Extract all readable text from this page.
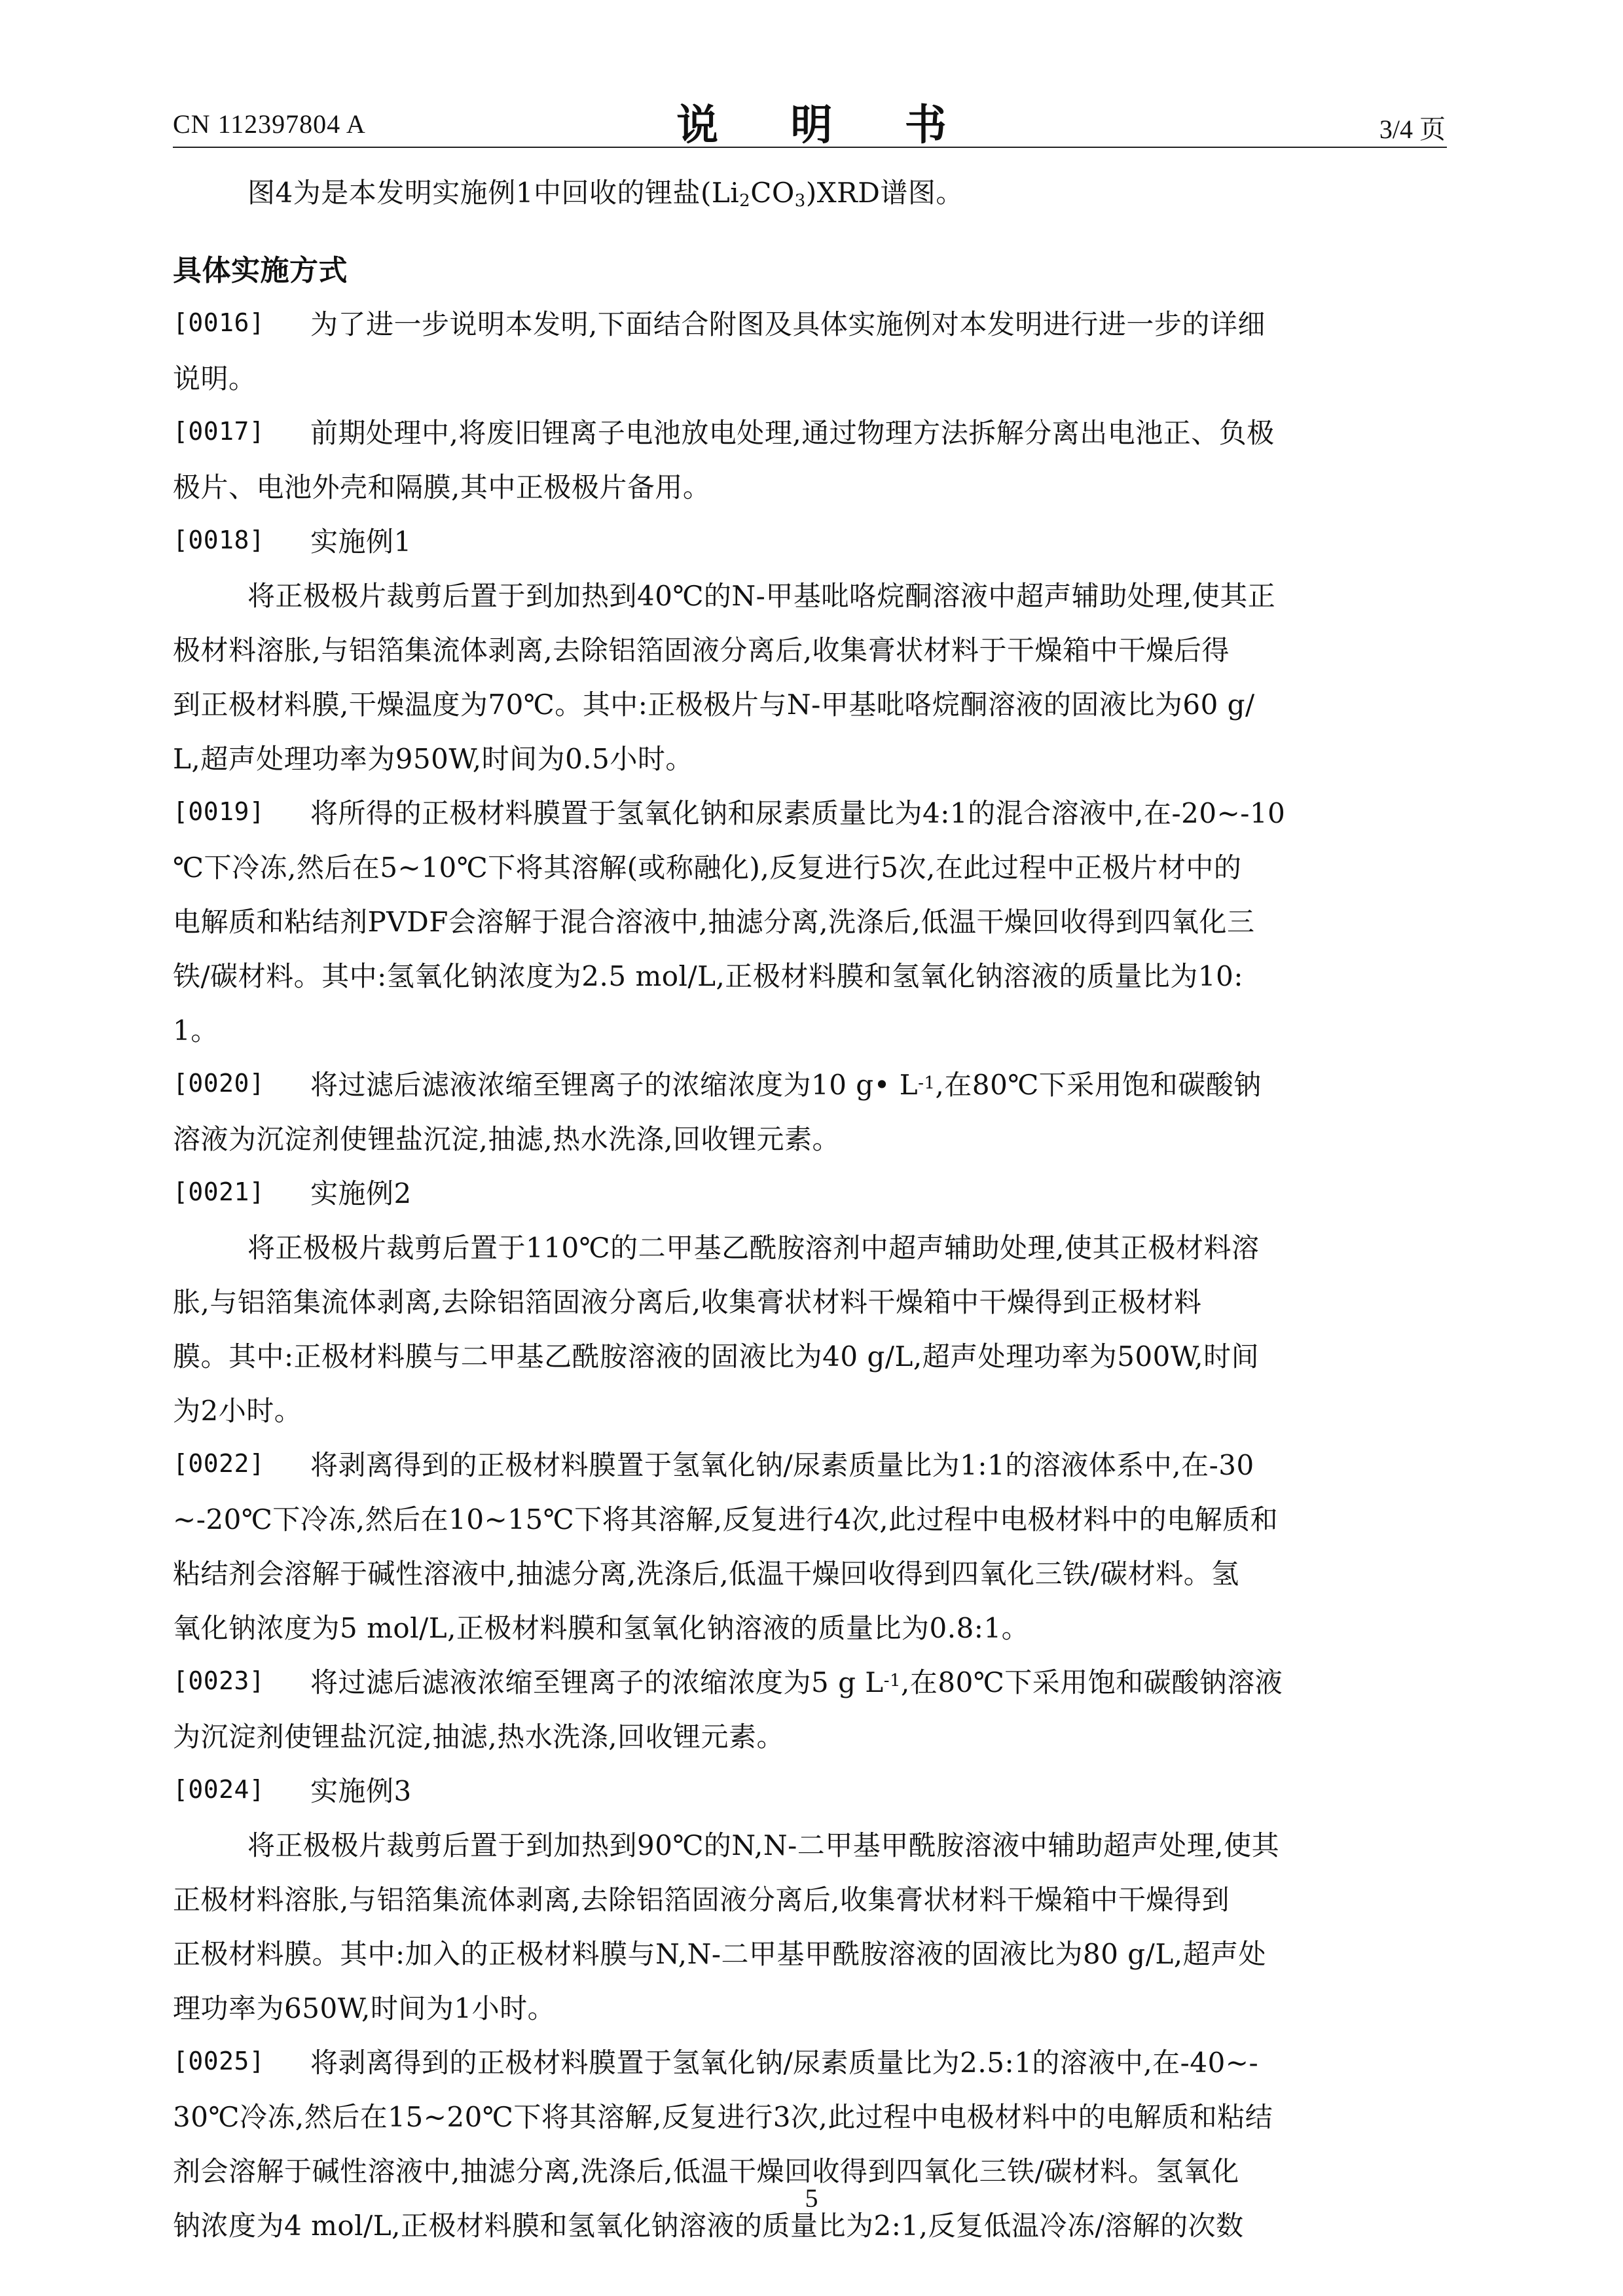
CN 112397804 A	说 明 书	3/4 页
图4为是本发明实施例1中回收的锂盐$(Li_2CO_3)XRD$谱图。
具体实施方式
[0016]	为了进一步说明本发明,下面结合附图及具体实施例对本发明进行进一步的详细
说明。
[0017]	前期处理中,将废旧锂离子电池放电处理,通过物理方法拆解分离出电池正、负极
极片、电池外壳和隔膜,其中正极极片备用。
[0018]	实施例1
将正极极片裁剪后置于到加热到40℃的N-甲基吡咯烷酮溶液中超声辅助处理,使其正
极材料溶胀,与铝箔集流体剥离,去除铝箔固液分离后,收集膏状材料于干燥箱中干燥后得
到正极材料膜,干燥温度为70℃。其中:正极极片与N-甲基吡咯烷酮溶液的固液比为60 g/
L,超声处理功率为950W,时间为0.5小时。
[0019]	将所得的正极材料膜置于氢氧化钠和尿素质量比为4:1的混合溶液中,在-20~-10
℃下冷冻,然后在5~10℃下将其溶解(或称融化),反复进行5次,在此过程中正极片材中的
电解质和粘结剂PVDF会溶解于混合溶液中,抽滤分离,洗涤后,低温干燥回收得到四氧化三
铁/碳材料。其中:氢氧化钠浓度为2.5 mol/L,正极材料膜和氢氧化钠溶液的质量比为10:
1。
[0020]	将过滤后滤液浓缩至锂离子的浓缩浓度为10 g• L -1 ,在80℃下采用饱和碳酸钠
溶液为沉淀剂使锂盐沉淀,抽滤,热水洗涤,回收锂元素。
[0021]	实施例2
将正极极片裁剪后置于110℃的二甲基乙酰胺溶剂中超声辅助处理,使其正极材料溶
胀,与铝箔集流体剥离,去除铝箔固液分离后,收集膏状材料干燥箱中干燥得到正极材料
膜。其中:正极材料膜与二甲基乙酰胺溶液的固液比为40 g/L,超声处理功率为500W,时间
为2小时。
[0022]	将剥离得到的正极材料膜置于氢氧化钠/尿素质量比为1:1的溶液体系中,在-30
~-20℃下冷冻,然后在10~15℃下将其溶解,反复进行4次,此过程中电极材料中的电解质和
粘结剂会溶解于碱性溶液中,抽滤分离,洗涤后,低温干燥回收得到四氧化三铁/碳材料。氢
氧化钠浓度为5 mol/L,正极材料膜和氢氧化钠溶液的质量比为0.8:1。
[0023]	将过滤后滤液浓缩至锂离子的浓缩浓度为5 g L -1 ,在80℃下采用饱和碳酸钠溶液
为沉淀剂使锂盐沉淀,抽滤,热水洗涤,回收锂元素。
[0024]	实施例3
将正极极片裁剪后置于到加热到90℃的N,N-二甲基甲酰胺溶液中辅助超声处理,使其
正极材料溶胀,与铝箔集流体剥离,去除铝箔固液分离后,收集膏状材料干燥箱中干燥得到
正极材料膜。其中:加入的正极材料膜与N,N-二甲基甲酰胺溶液的固液比为80 g/L,超声处
理功率为650W,时间为1小时。
[0025]	将剥离得到的正极材料膜置于氢氧化钠/尿素质量比为2.5:1的溶液中,在-40~-
30℃冷冻,然后在15~20℃下将其溶解,反复进行3次,此过程中电极材料中的电解质和粘结
剂会溶解于碱性溶液中,抽滤分离,洗涤后,低温干燥回收得到四氧化三铁/碳材料。氢氧化
钠浓度为4 mol/L,正极材料膜和氢氧化钠溶液的质量比为2:1,反复低温冷冻/溶解的次数
5
